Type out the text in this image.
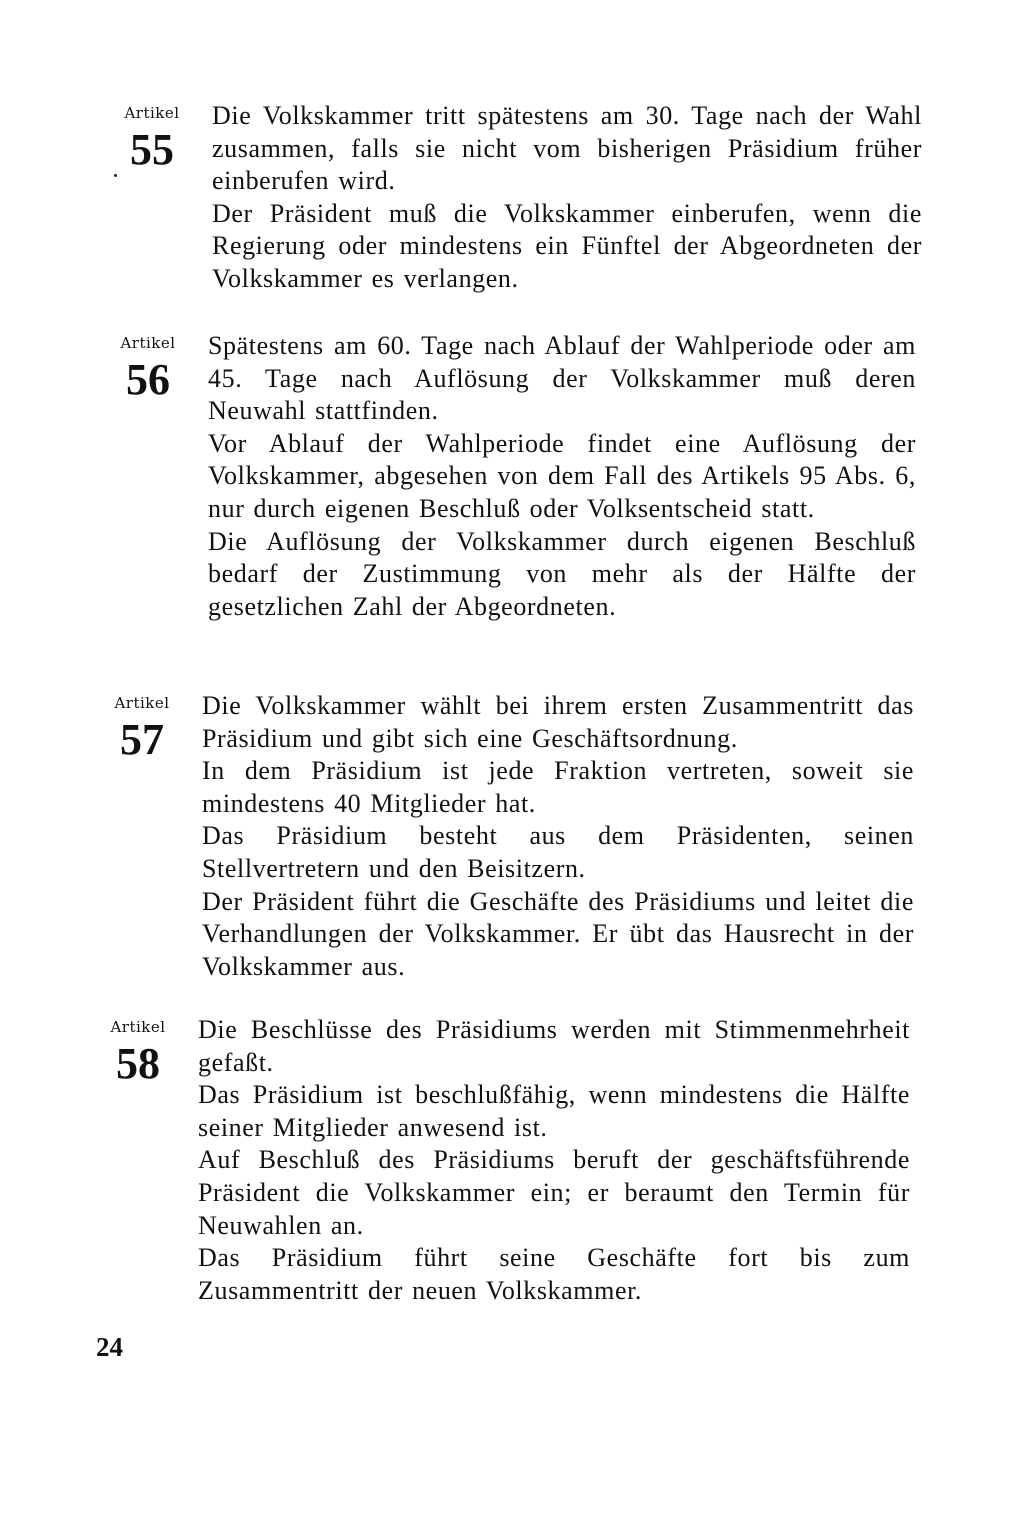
Artikel
55
Die Volkskammer tritt spätestens am 30. Tage nach der Wahl zusammen, falls sie nicht vom bisherigen Präsidium früher einberufen wird.
Der Präsident muß die Volkskammer einberufen, wenn die Regierung oder mindestens ein Fünftel der Abgeordneten der Volkskammer es verlangen.
Artikel
56
Spätestens am 60. Tage nach Ablauf der Wahlperiode oder am 45. Tage nach Auflösung der Volkskammer muß deren Neuwahl stattfinden.
Vor Ablauf der Wahlperiode findet eine Auflösung der Volkskammer, abgesehen von dem Fall des Artikels 95 Abs. 6, nur durch eigenen Beschluß oder Volksentscheid statt.
Die Auflösung der Volkskammer durch eigenen Beschluß bedarf der Zustimmung von mehr als der Hälfte der gesetzlichen Zahl der Abgeordneten.
Artikel
57
Die Volkskammer wählt bei ihrem ersten Zusammentritt das Präsidium und gibt sich eine Geschäftsordnung.
In dem Präsidium ist jede Fraktion vertreten, soweit sie mindestens 40 Mitglieder hat.
Das Präsidium besteht aus dem Präsidenten, seinen Stellvertretern und den Beisitzern.
Der Präsident führt die Geschäfte des Präsidiums und leitet die Verhandlungen der Volkskammer. Er übt das Hausrecht in der Volkskammer aus.
Artikel
58
Die Beschlüsse des Präsidiums werden mit Stimmenmehrheit gefaßt.
Das Präsidium ist beschlußfähig, wenn mindestens die Hälfte seiner Mitglieder anwesend ist.
Auf Beschluß des Präsidiums beruft der geschäftsführende Präsident die Volkskammer ein; er beraumt den Termin für Neuwahlen an.
Das Präsidium führt seine Geschäfte fort bis zum Zusammentritt der neuen Volkskammer.
24
